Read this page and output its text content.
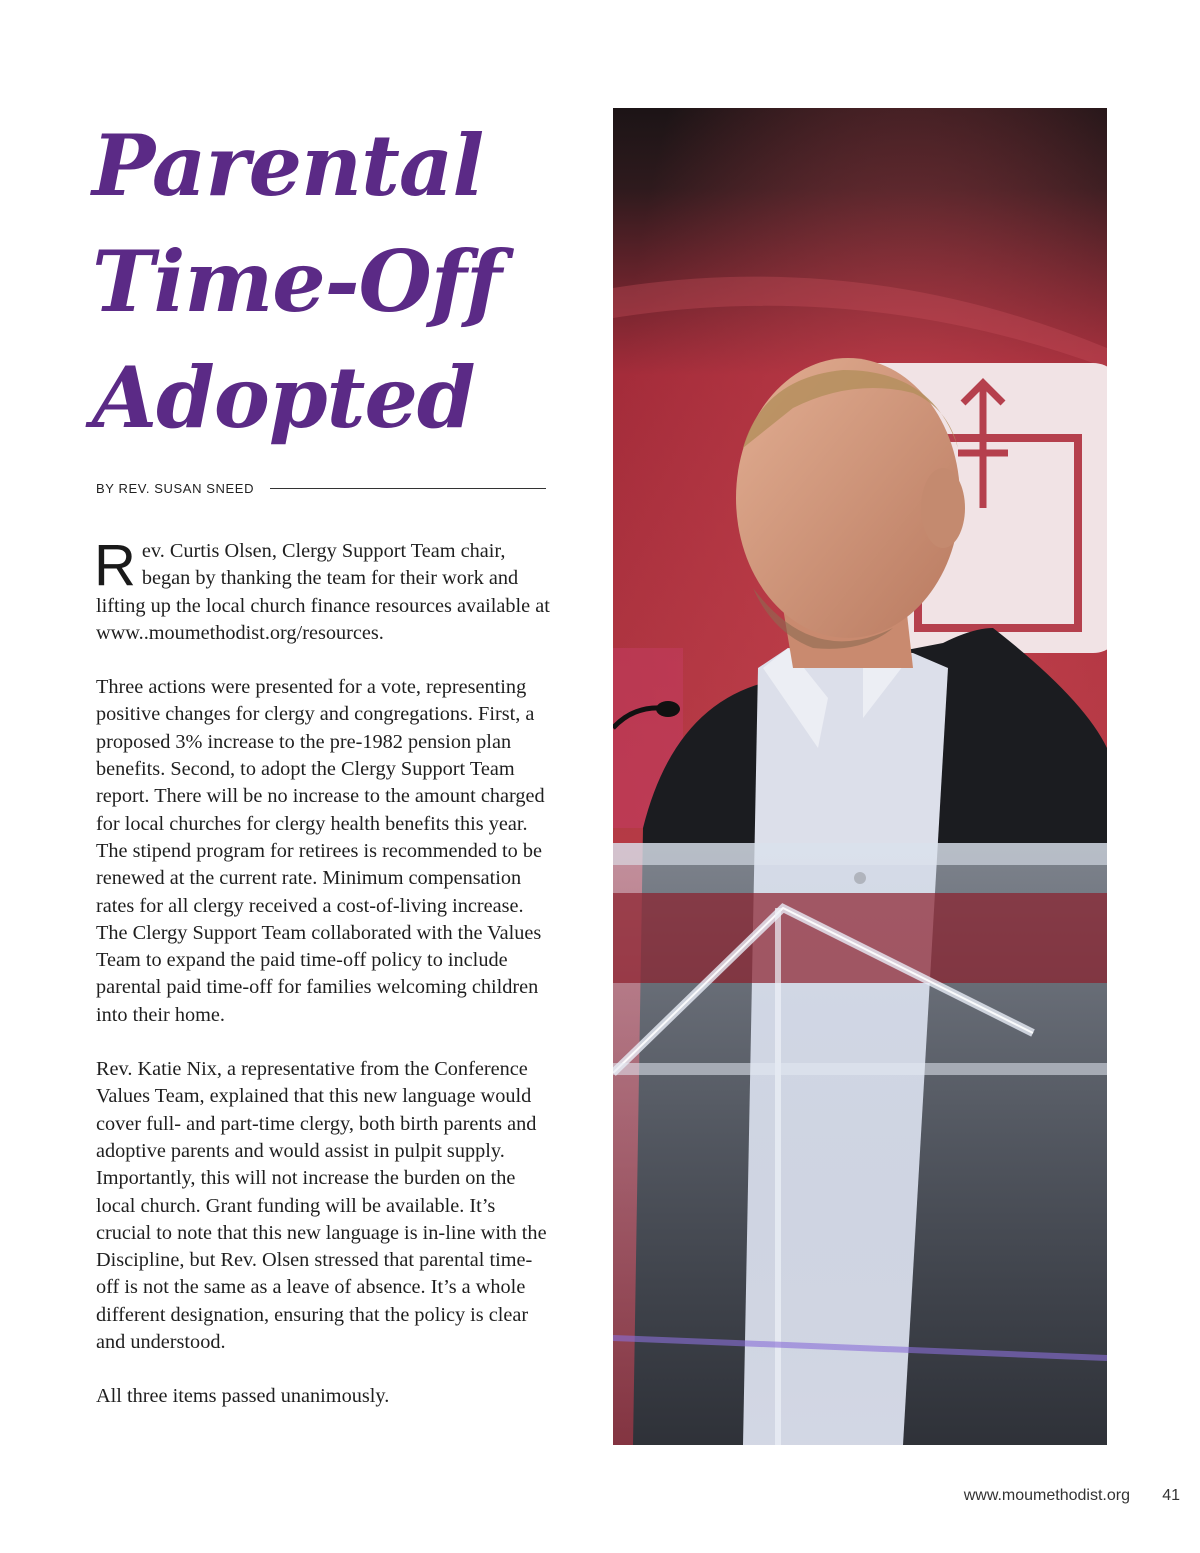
Parental
Time-Off
Adopted
BY REV. SUSAN SNEED

Rev. Curtis Olsen, Clergy Support Team chair, began by thanking the team for their work and lifting up the local church finance resources available at www..moumethodist.org/resources.

Three actions were presented for a vote, representing positive changes for clergy and congregations. First, a proposed 3% increase to the pre-1982 pension plan benefits. Second, to adopt the Clergy Support Team report. There will be no increase to the amount charged for local churches for clergy health benefits this year. The stipend program for retirees is recommended to be renewed at the current rate. Minimum compensation rates for all clergy received a cost-of-living increase. The Clergy Support Team collaborated with the Values Team to expand the paid time-off policy to include parental paid time-off for families welcoming children into their home.

Rev. Katie Nix, a representative from the Conference Values Team, explained that this new language would cover full- and part-time clergy, both birth parents and adoptive parents and would assist in pulpit supply. Importantly, this will not increase the burden on the local church. Grant funding will be available. It’s crucial to note that this new language is in-line with the Discipline, but Rev. Olsen stressed that parental time-off is not the same as a leave of absence. It’s a whole different designation, ensuring that the policy is clear and understood.

All three items passed unanimously.

www.moumethodist.org	41
